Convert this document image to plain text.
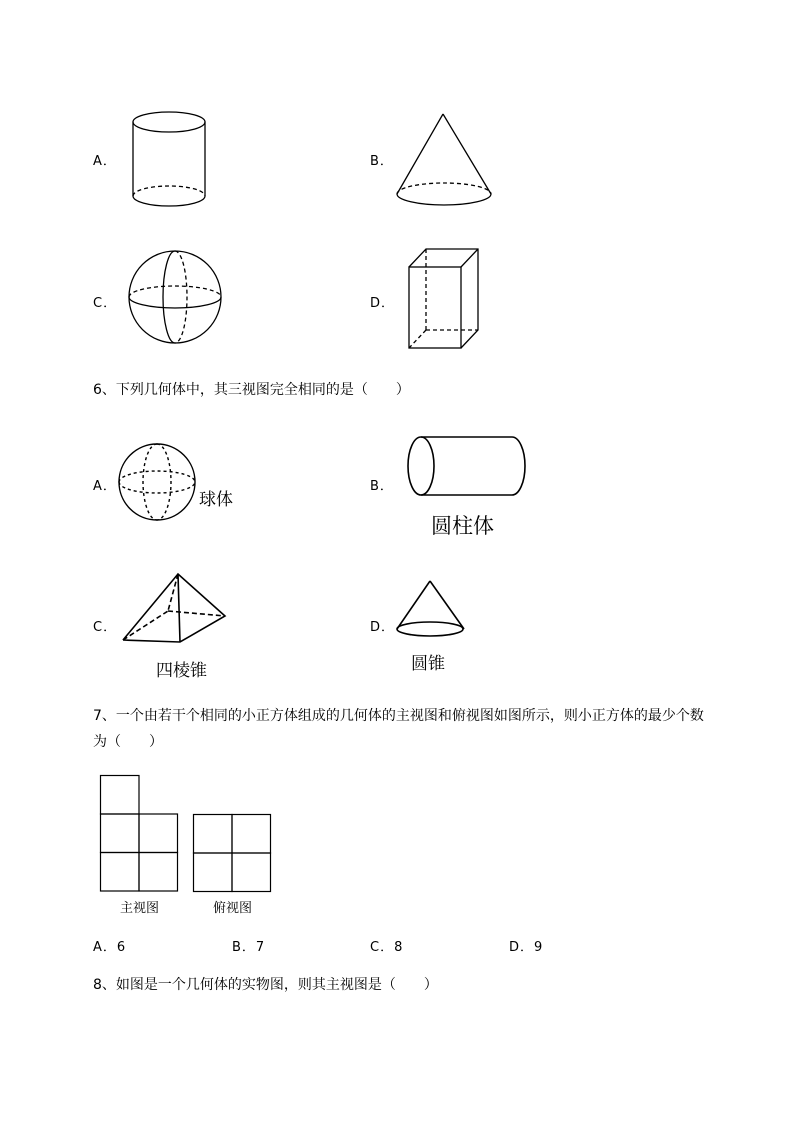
A．	B．
C．	D．
6、下列几何体中，其三视图完全相同的是（　　）
A．
球体
B．
圆柱体
C．
四棱锥
D．
圆锥
7、一个由若干个相同的小正方体组成的几何体的主视图和俯视图如图所示，则小正方体的最少个数
为（　　）
主视图	俯视图
A．6	B．7	C．8	D．9
8、如图是一个几何体的实物图，则其主视图是（　　）
